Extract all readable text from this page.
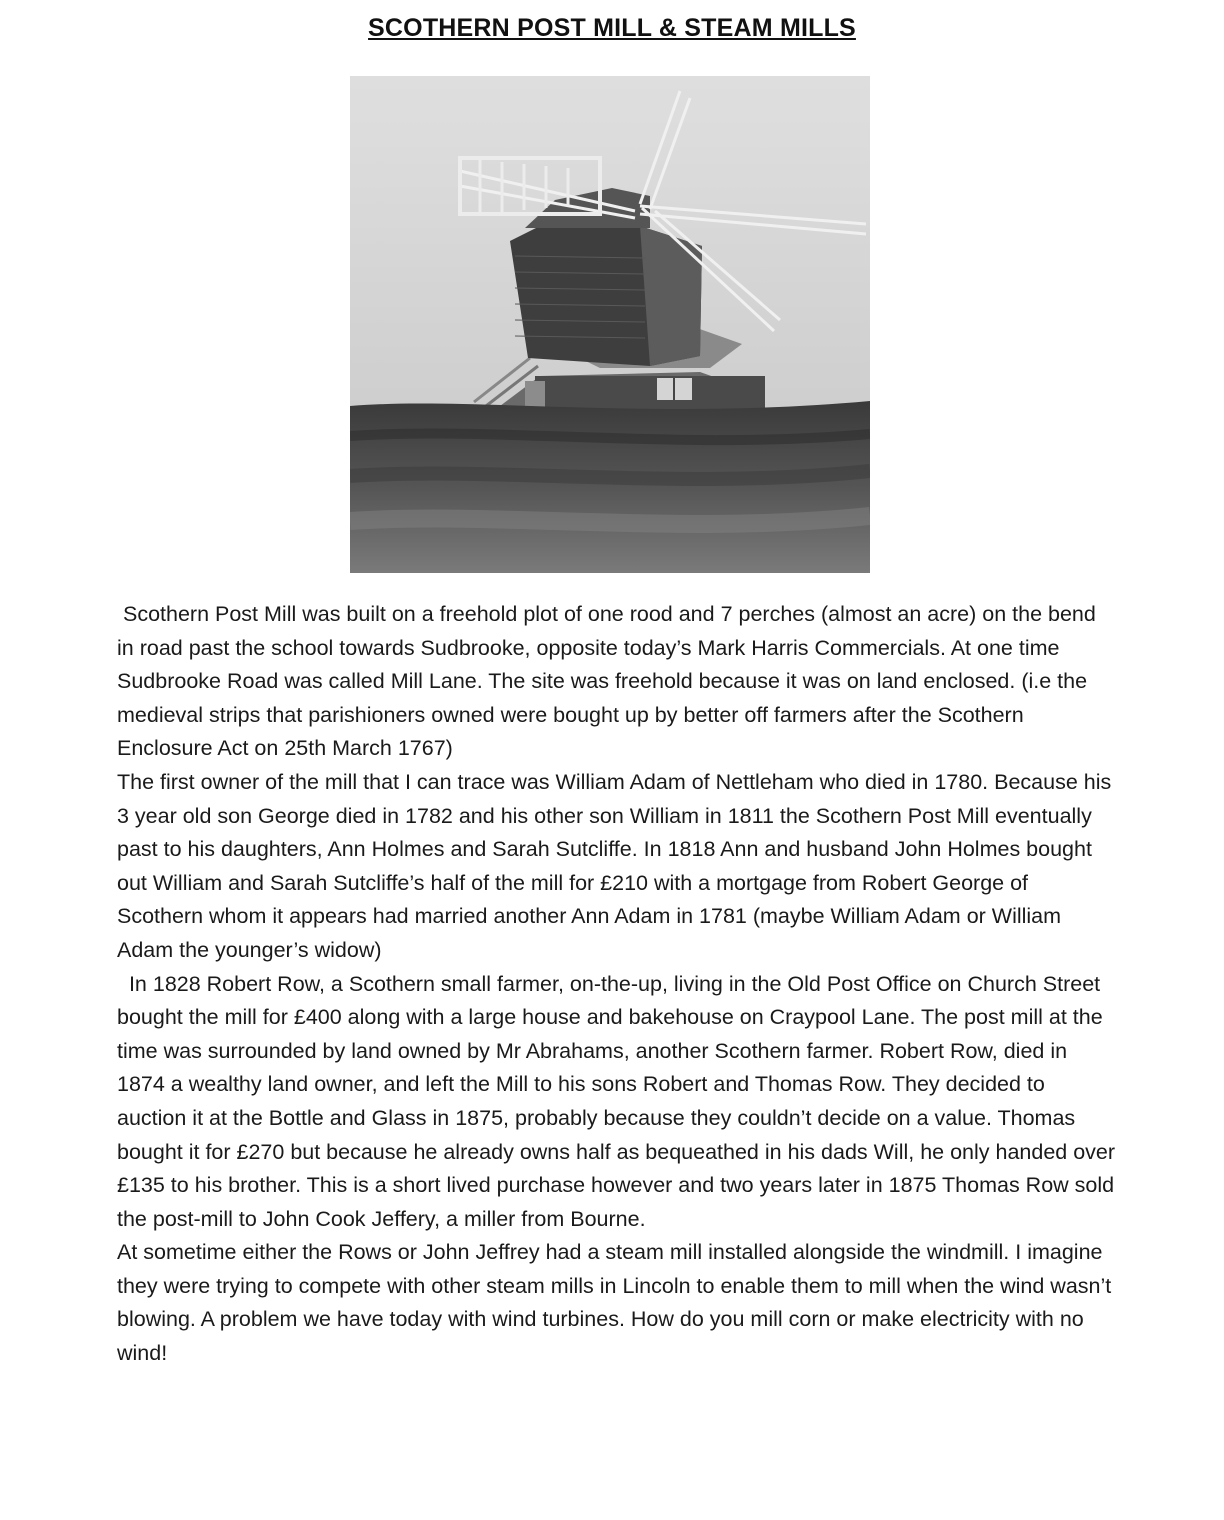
SCOTHERN POST MILL & STEAM MILLS

Scothern Post Mill was built on a freehold plot of one rood and 7 perches (almost an acre) on the bend in road past the school towards Sudbrooke, opposite today’s Mark Harris Commercials. At one time Sudbrooke Road was called Mill Lane. The site was freehold because it was on land enclosed. (i.e the medieval strips that parishioners owned were bought up by better off farmers after the Scothern Enclosure Act on 25th March 1767)

The first owner of the mill that I can trace was William Adam of Nettleham who died in 1780. Because his 3 year old son George died in 1782 and his other son William in 1811 the Scothern Post Mill eventually past to his daughters, Ann Holmes and Sarah Sutcliffe. In 1818 Ann and husband John Holmes bought out William and Sarah Sutcliffe’s half of the mill for £210 with a mortgage from Robert George of Scothern whom it appears had married another Ann Adam in 1781 (maybe William Adam or William Adam the younger’s widow)

In 1828 Robert Row, a Scothern small farmer, on-the-up, living in the Old Post Office on Church Street bought the mill for £400 along with a large house and bakehouse on Craypool Lane. The post mill at the time was surrounded by land owned by Mr Abrahams, another Scothern farmer. Robert Row, died in 1874 a wealthy land owner, and left the Mill to his sons Robert and Thomas Row. They decided to auction it at the Bottle and Glass in 1875, probably because they couldn’t decide on a value. Thomas bought it for £270 but because he already owns half as bequeathed in his dads Will, he only handed over £135 to his brother. This is a short lived purchase however and two years later in 1875 Thomas Row sold the post-mill to John Cook Jeffery, a miller from Bourne.

At sometime either the Rows or John Jeffrey had a steam mill installed alongside the windmill. I imagine they were trying to compete with other steam mills in Lincoln to enable them to mill when the wind wasn’t blowing. A problem we have today with wind turbines. How do you mill corn or make electricity with no wind!
